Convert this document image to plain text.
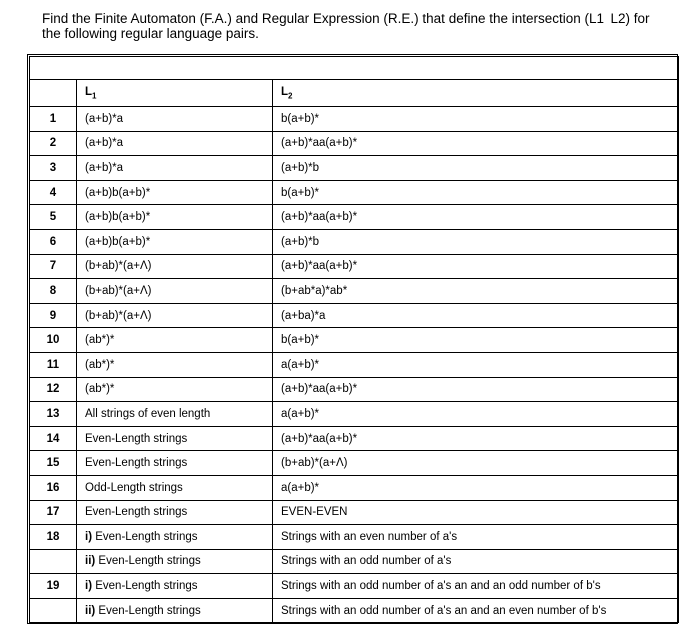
Find the Finite Automaton (F.A.) and Regular Expression (R.E.) that define the intersection (L1  L2) for the following regular language pairs.

	$L_1$	$L_2$
1	(a+b)*a	b(a+b)*
2	(a+b)*a	(a+b)*aa(a+b)*
3	(a+b)*a	(a+b)*b
4	(a+b)b(a+b)*	b(a+b)*
5	(a+b)b(a+b)*	(a+b)*aa(a+b)*
6	(a+b)b(a+b)*	(a+b)*b
7	(b+ab)*(a+Λ)	(a+b)*aa(a+b)*
8	(b+ab)*(a+Λ)	(b+ab*a)*ab*
9	(b+ab)*(a+Λ)	(a+ba)*a
10	(ab*)*	b(a+b)*
11	(ab*)*	a(a+b)*
12	(ab*)*	(a+b)*aa(a+b)*
13	All strings of even length	a(a+b)*
14	Even-Length strings	(a+b)*aa(a+b)*
15	Even-Length strings	(b+ab)*(a+Λ)
16	Odd-Length strings	a(a+b)*
17	Even-Length strings	EVEN-EVEN
18	i) Even-Length strings	Strings with an even number of a's
	ii) Even-Length strings	Strings with an odd number of a's
19	i) Even-Length strings	Strings with an odd number of a's an and an odd number of b's
	ii) Even-Length strings	Strings with an odd number of a's an and an even number of b's
